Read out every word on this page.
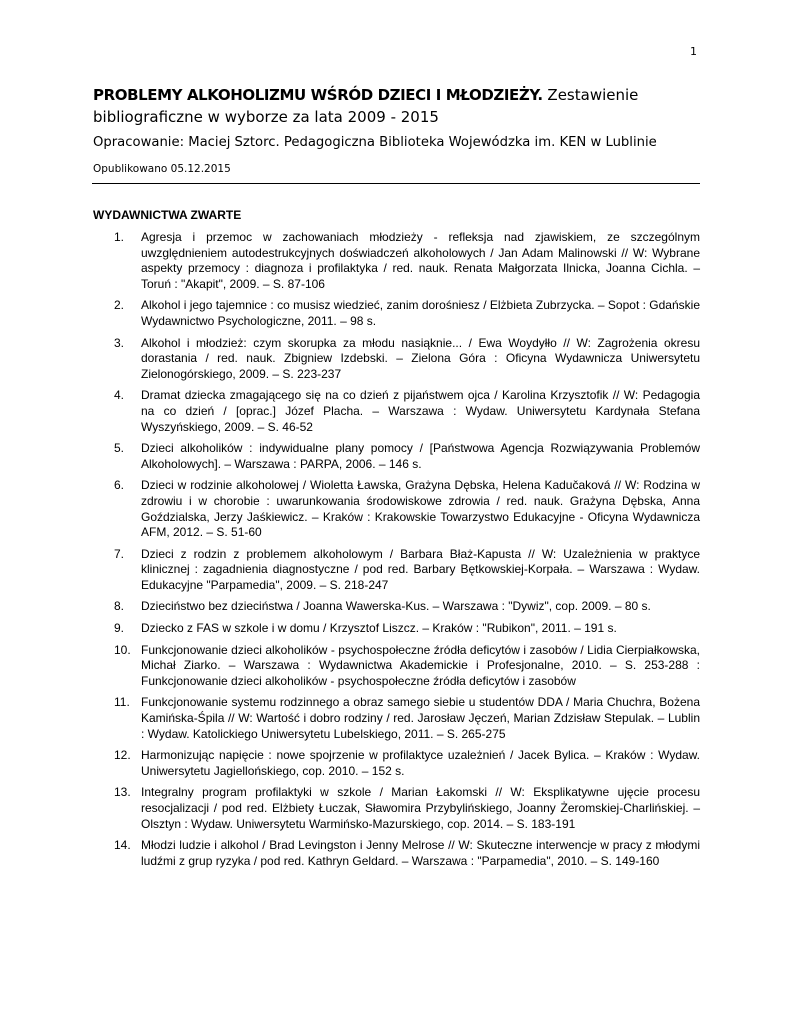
1
PROBLEMY ALKOHOLIZMU WŚRÓD DZIECI I MŁODZIEŻY. Zestawienie bibliograficzne w wyborze za lata 2009 - 2015
Opracowanie: Maciej Sztorc. Pedagogiczna Biblioteka Wojewódzka im. KEN w Lublinie
Opublikowano 05.12.2015
WYDAWNICTWA ZWARTE
1.	Agresja i przemoc w zachowaniach młodzieży - refleksja nad zjawiskiem, ze szczególnym uwzględnieniem autodestrukcyjnych doświadczeń alkoholowych / Jan Adam Malinowski // W: Wybrane aspekty przemocy : diagnoza i profilaktyka / red. nauk. Renata Małgorzata Ilnicka, Joanna Cichla. – Toruń : "Akapit", 2009. – S. 87-106
2.	Alkohol i jego tajemnice : co musisz wiedzieć, zanim dorośniesz / Elżbieta Zubrzycka. – Sopot : Gdańskie Wydawnictwo Psychologiczne, 2011. – 98 s.
3.	Alkohol i młodzież: czym skorupka za młodu nasiąknie... / Ewa Woydyłło // W: Zagrożenia okresu dorastania / red. nauk. Zbigniew Izdebski. – Zielona Góra : Oficyna Wydawnicza Uniwersytetu Zielonogórskiego, 2009. – S. 223-237
4.	Dramat dziecka zmagającego się na co dzień z pijaństwem ojca / Karolina Krzysztofik // W: Pedagogia na co dzień / [oprac.] Józef Placha. – Warszawa : Wydaw. Uniwersytetu Kardynała Stefana Wyszyńskiego, 2009. – S. 46-52
5.	Dzieci alkoholików : indywidualne plany pomocy / [Państwowa Agencja Rozwiązywania Problemów Alkoholowych]. – Warszawa : PARPA, 2006. – 146 s.
6.	Dzieci w rodzinie alkoholowej / Wioletta Ławska, Grażyna Dębska, Helena Kadučaková // W: Rodzina w zdrowiu i w chorobie : uwarunkowania środowiskowe zdrowia / red. nauk. Grażyna Dębska, Anna Goździalska, Jerzy Jaśkiewicz. – Kraków : Krakowskie Towarzystwo Edukacyjne - Oficyna Wydawnicza AFM, 2012. – S. 51-60
7.	Dzieci z rodzin z problemem alkoholowym / Barbara Błaż-Kapusta // W: Uzależnienia w praktyce klinicznej : zagadnienia diagnostyczne / pod red. Barbary Bętkowskiej-Korpała. – Warszawa : Wydaw. Edukacyjne "Parpamedia", 2009. – S. 218-247
8.	Dzieciństwo bez dzieciństwa / Joanna Wawerska-Kus. – Warszawa : "Dywiz", cop. 2009. – 80 s.
9.	Dziecko z FAS w szkole i w domu / Krzysztof Liszcz. – Kraków : "Rubikon", 2011. – 191 s.
10. Funkcjonowanie dzieci alkoholików - psychospołeczne źródła deficytów i zasobów / Lidia Cierpiałkowska, Michał Ziarko. – Warszawa : Wydawnictwa Akademickie i Profesjonalne, 2010. – S. 253-288 : Funkcjonowanie dzieci alkoholików - psychospołeczne źródła deficytów i zasobów
11. Funkcjonowanie systemu rodzinnego a obraz samego siebie u studentów DDA / Maria Chuchra, Bożena Kamińska-Śpila // W: Wartość i dobro rodziny / red. Jarosław Jęczeń, Marian Zdzisław Stepulak. – Lublin : Wydaw. Katolickiego Uniwersytetu Lubelskiego, 2011. – S. 265-275
12. Harmonizując napięcie : nowe spojrzenie w profilaktyce uzależnień / Jacek Bylica. – Kraków : Wydaw. Uniwersytetu Jagiellońskiego, cop. 2010. – 152 s.
13. Integralny program profilaktyki w szkole / Marian Łakomski // W: Eksplikatywne ujęcie procesu resocjalizacji / pod red. Elżbiety Łuczak, Sławomira Przybylińskiego, Joanny Żeromskiej-Charlińskiej. – Olsztyn : Wydaw. Uniwersytetu Warmińsko-Mazurskiego, cop. 2014. – S. 183-191
14. Młodzi ludzie i alkohol / Brad Levingston i Jenny Melrose // W: Skuteczne interwencje w pracy z młodymi ludźmi z grup ryzyka / pod red. Kathryn Geldard. – Warszawa : "Parpamedia", 2010. – S. 149-160
